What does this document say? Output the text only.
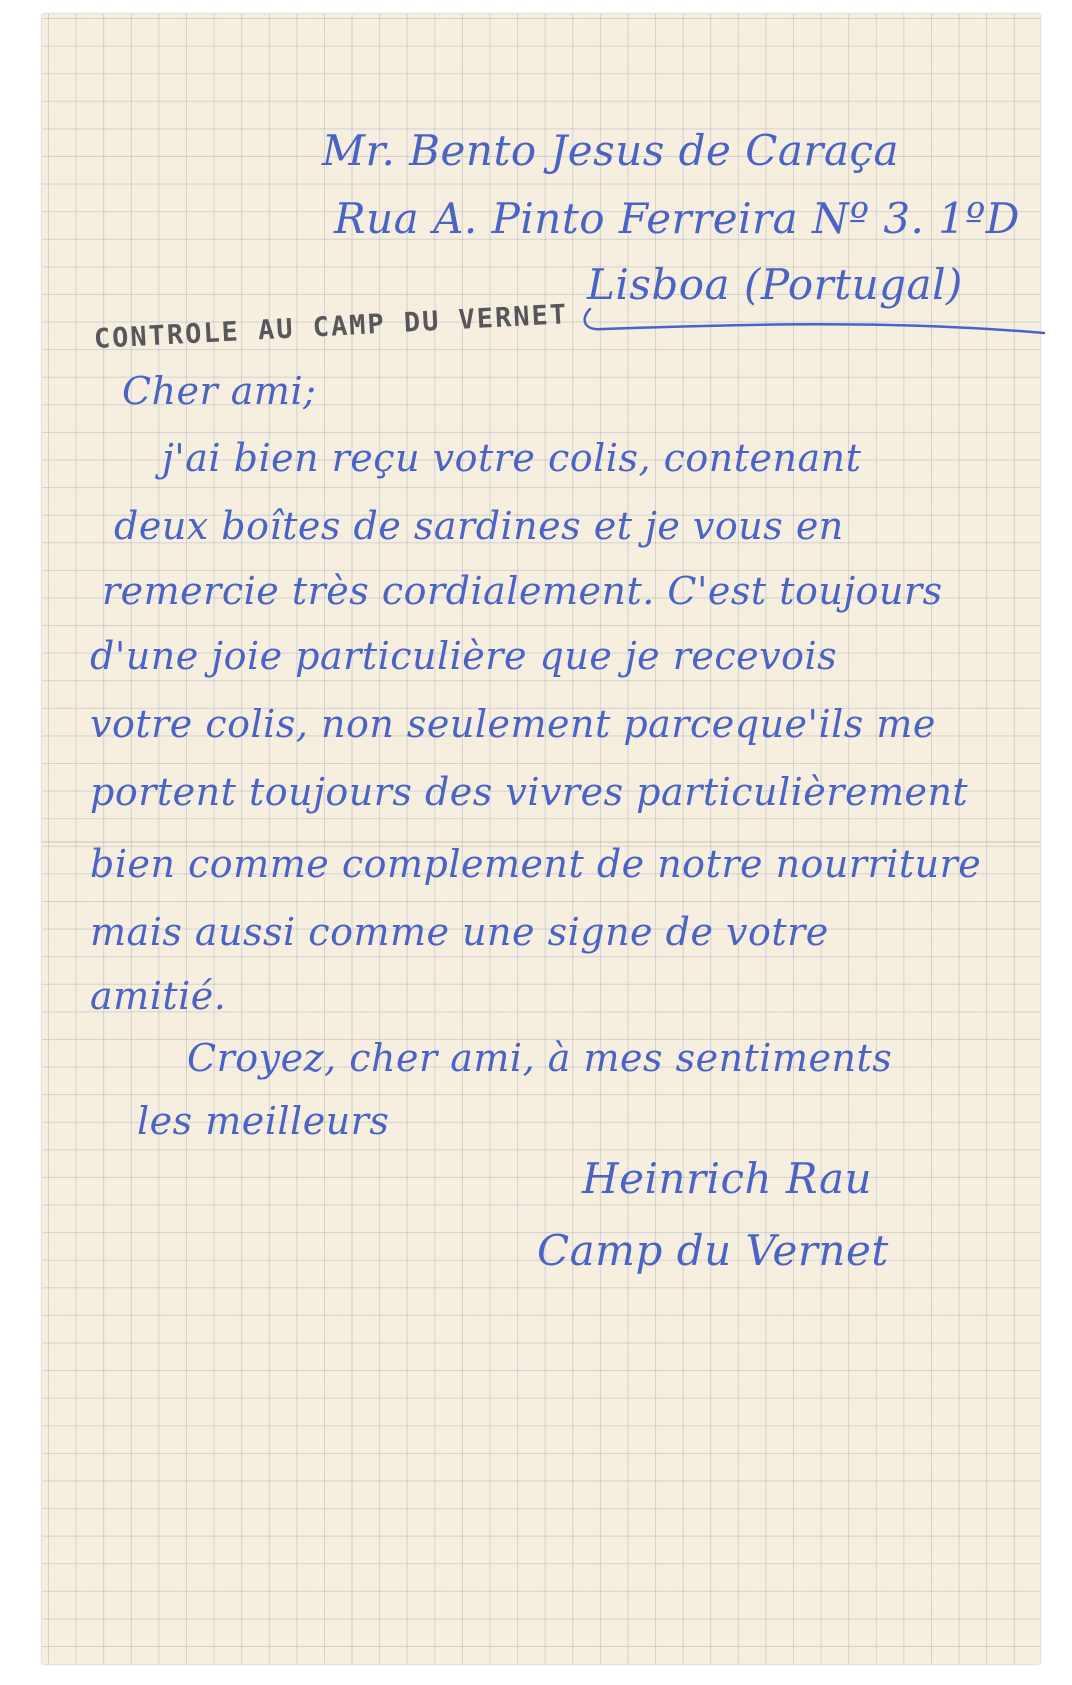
Mr. Bento Jesus de Caraça
Rua A. Pinto Ferreira Nº 3. 1ºD
Lisboa (Portugal)
CONTROLE AU CAMP DU VERNET
Cher ami;
j'ai bien reçu votre colis, contenant
deux boîtes de sardines et je vous en
remercie très cordialement. C'est toujours
d'une joie particulière que je recevois
votre colis, non seulement parceque'ils me
portent toujours des vivres particulièrement
bien comme complement de notre nourriture
mais aussi comme une signe de votre
amitié.
Croyez, cher ami, à mes sentiments
les meilleurs
Heinrich Rau
Camp du Vernet
